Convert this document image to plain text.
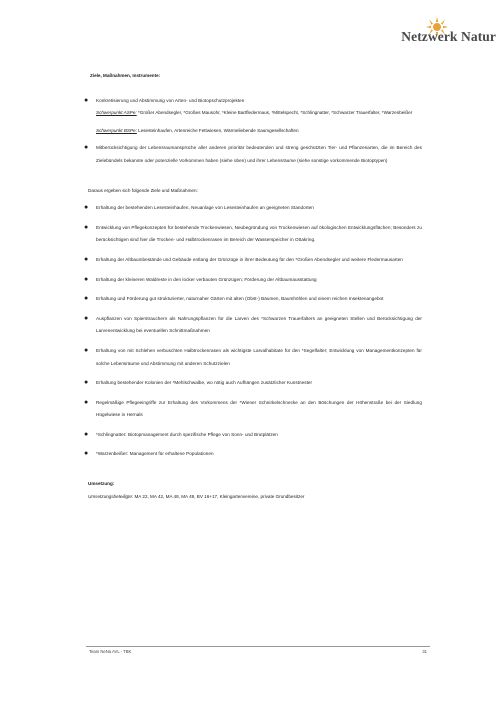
Netzwerk Natur
Ziele, Maßnahmen, Instrumente:
●	Konkretisierung und Abstimmung von Arten- und Biotopschutzprojekten
Schwerpunkt ASPe: *Großer Abendsegler, *Großes Mausohr, *Kleine Bartfledermaus, *Mittelspecht, *Schlingnatter, *Schwarzer Trauerfalter, *Warzenbeißer
Schwerpunkt BSPe: Lesesteinhaufen, Artenreiche Fettwiesen, Wärmeliebende Saumgesellschaften
●	Mitberücksichtigung der Lebensraumansprüche aller anderen prioritär bedeutenden und streng geschützten Tier- und Pflanzenarten, die im Bereich des Zielebündels bekannte oder potenzielle Vorkommen haben (siehe oben) und ihrer Lebensräume (siehe sonstige vorkommende Biotoptypen)
Daraus ergeben sich folgende Ziele und Maßnahmen:
●	Erhaltung der bestehenden Lesesteinhaufen, Neuanlage von Lesesteinhaufen an geeigneten Standorten
●	Entwicklung von Pflegekonzepten für bestehende Trockenwiesen, Neubegründung von Trockenwiesen auf ökologischen Entwicklungsflächen; Besonders zu berücksichtigen sind hier die Trocken- und Halbtrockenrasen im Bereich der Wasserspeicher in Ottakring.
●	Erhaltung der Altbaumbestände und Gebäude entlang der Grünzüge in ihrer Bedeutung für den *Großen Abendsegler und weitere Fledermausarten
●	Erhaltung der kleineren Waldreste in den locker verbauten Grünzügen; Förderung der Altbaumausstattung
●	Erhaltung und Förderung gut strukturierter, naturnaher Gärten mit alten (Obst-) Bäumen, Baumhöhlen und einem reichen Insektenangebot
●	Auspflanzen von Spierstrauchern als Nahrungspflanzen für die Larven des *Schwarzen Trauerfalters an geeigneten Stellen und Berücksichtigung der Larvenentwicklung bei eventuellen Schnittmaßnahmen
●	Erhaltung von mit Schlehen verbuschten Halbtrockenrasen als wichtigste Larvalhabitate für den *Segelfalter; Entwicklung von Managementkonzepten für solche Lebensräume und Abstimmung mit anderen Schutzzielen
●	Erhaltung bestehender Kolonien der *Mehlschwalbe, wo nötig auch Aufhängen zusätzlicher Kunstnester
●	Regelmäßige Pflegeeingriffe zur Erhaltung des Vorkommens der *Wiener Schnirkelschnecke an den Böschungen der Höhenstraße bei der Siedlung Hügelwiese in Hernals
●	*Schlingnatter: Biotopmanagement durch spezifische Pflege von Sonn- und Brutplätzen
●	*Warzenbeißer: Management für erhaltene Populationen
Umsetzung:
Umsetzungsbeteiligte: MA 22, MA 42, MA 48, MA 49, BV 16+17, Kleingartenvereine, private Grundbesitzer
Team NeNa AVL - TBK	31
